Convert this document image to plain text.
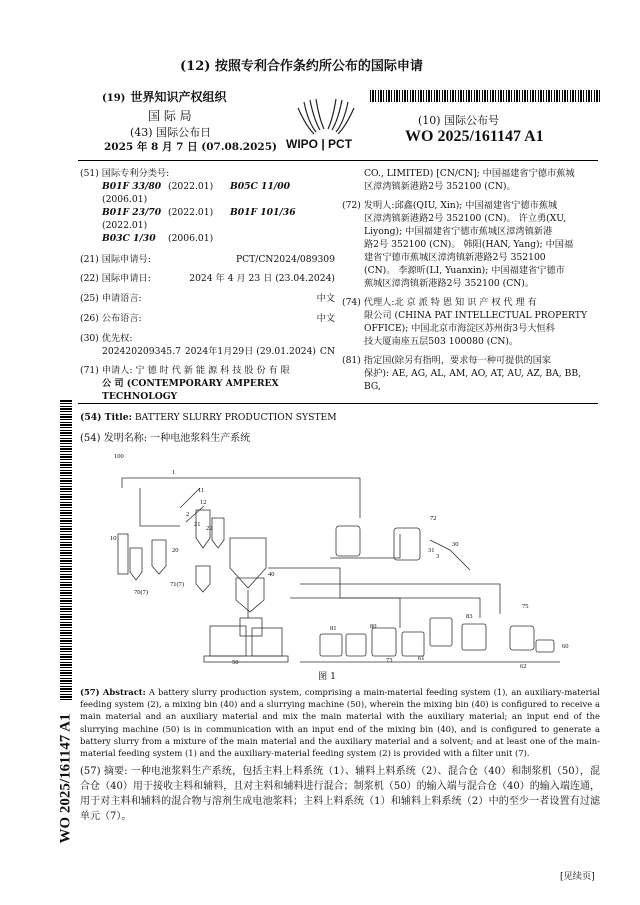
(12) 按照专利合作条约所公布的国际申请
(19) 世界知识产权组织
国 际 局
(43) 国际公布日
2025 年 8 月 7 日 (07.08.2025) WIPO | PCT
(10) 国际公布号
WO 2025/161147 A1
(51) 国际专利分类号:
B01F 33/80 (2022.01) B05C 11/00(2006.01)
B01F 23/70 (2022.01) B01F 101/36(2022.01)
B03C 1/30 (2006.01)
(21) 国际申请号:	PCT/CN2024/089309
(22) 国际申请日:	2024 年 4 月 23 日 (23.04.2024)
(25) 申请语言:	中文
(26) 公布语言:	中文
(30) 优先权:
202420209345.7 2024年1月29日 (29.01.2024) CN
(71) 申请人: 宁 德 时 代 新 能 源 科 技 股 份 有 限
公 司 (CONTEMPORARY AMPEREX TECHNOLOGY
CO., LIMITED) [CN/CN]; 中国福建省宁德市蕉城
区漳湾镇新港路2号 352100 (CN)。
(72) 发明人:邱鑫(QIU, Xin); 中国福建省宁德市蕉城
区漳湾镇新港路2号 352100 (CN)。 许立勇(XU,
Liyong); 中国福建省宁德市蕉城区漳湾镇新港
路2号 352100 (CN)。 韩阳(HAN, Yang); 中国福
建省宁德市蕉城区漳湾镇新港路2号 352100
(CN)。 李源昕(LI, Yuanxin); 中国福建省宁德市
蕉城区漳湾镇新港路2号 352100 (CN)。
(74) 代理人:北 京 派 特 恩 知 识 产 权 代 理 有
限公司 (CHINA PAT INTELLECTUAL PROPERTY
OFFICE); 中国北京市海淀区苏州街3号大恒科
技大厦南座五层503 100080 (CN)。
(81) 指定国(除另有指明，要求每一种可提供的国家
保护): AE, AG, AL, AM, AO, AT, AU, AZ, BA, BB, BG,
WO 2025/161147 A1
(54) Title: BATTERY SLURRY PRODUCTION SYSTEM
(54) 发明名称: 一种电池浆料生产系统
100
1
11
12
10
2
21
22
20
40
50
70(7)
71(7)
72
30
31
3
60
61
62
73
75
80
81
83
图 1
(57) Abstract: A battery slurry production system, comprising a main-material feeding system (1), an auxiliary-material feeding system (2), a mixing bin (40) and a slurrying machine (50), wherein the mixing bin (40) is configured to receive a main material and an auxiliary material and mix the main material with the auxiliary material; an input end of the slurrying machine (50) is in communication with an input end of the mixing bin (40), and is configured to generate a battery slurry from a mixture of the main material and the auxiliary material and a solvent; and at least one of the main-material feeding system (1) and the auxiliary-material feeding system (2) is provided with a filter unit (7).
(57) 摘要: 一种电池浆料生产系统，包括主料上料系统（1）、辅料上料系统（2）、混合仓（40）和制浆机（50），混合仓（40）用于接收主料和辅料，且对主料和辅料进行混合；制浆机（50）的输入端与混合仓（40）的输入端连通，用于对主料和辅料的混合物与溶剂生成电池浆料；主料上料系统（1）和辅料上料系统（2）中的至少一者设置有过滤单元（7）。
[见续页]
